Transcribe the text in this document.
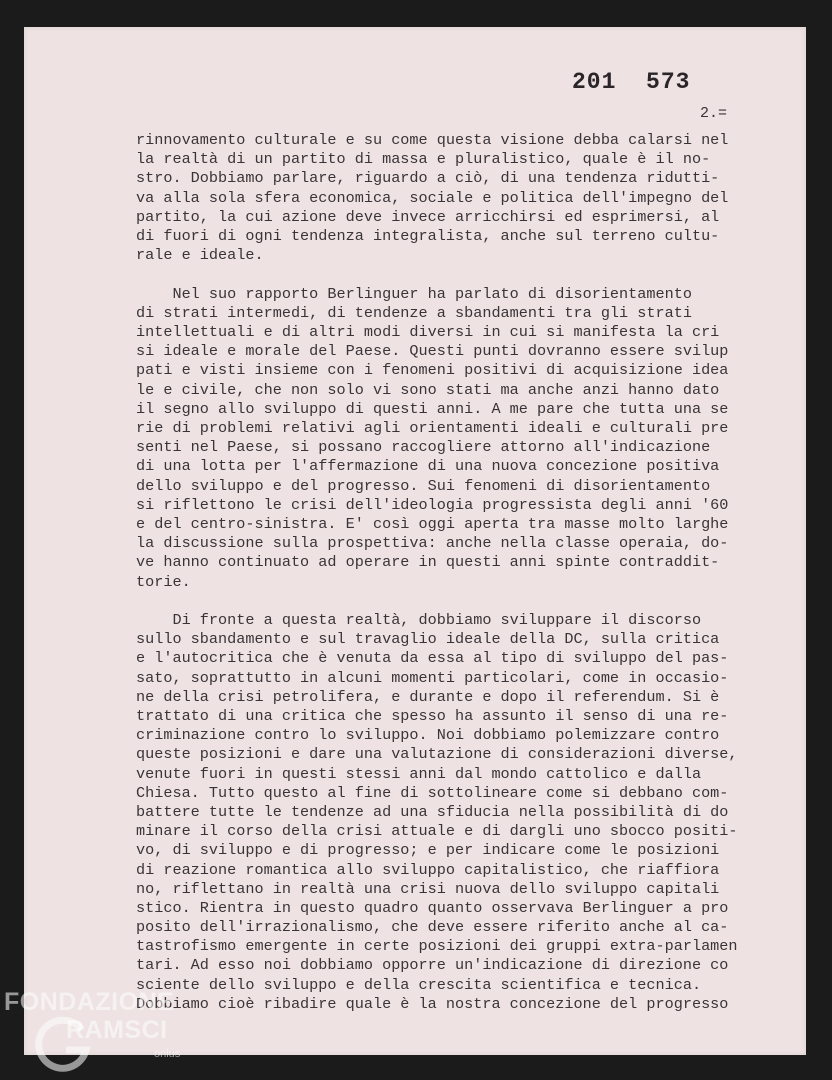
201  573
2.=
rinnovamento culturale e su come questa visione debba calarsi nel
la realtà di un partito di massa e pluralistico, quale è il no-
stro. Dobbiamo parlare, riguardo a ciò, di una tendenza ridutti-
va alla sola sfera economica, sociale e politica dell'impegno del
partito, la cui azione deve invece arricchirsi ed esprimersi, al
di fuori di ogni tendenza integralista, anche sul terreno cultu-
rale e ideale.
Nel suo rapporto Berlinguer ha parlato di disorientamento
di strati intermedi, di tendenze a sbandamenti tra gli strati
intellettuali e di altri modi diversi in cui si manifesta la cri
si ideale e morale del Paese. Questi punti dovranno essere svilup
pati e visti insieme con i fenomeni positivi di acquisizione idea
le e civile, che non solo vi sono stati ma anche anzi hanno dato
il segno allo sviluppo di questi anni. A me pare che tutta una se
rie di problemi relativi agli orientamenti ideali e culturali pre
senti nel Paese, si possano raccogliere attorno all'indicazione
di una lotta per l'affermazione di una nuova concezione positiva
dello sviluppo e del progresso. Sui fenomeni di disorientamento
si riflettono le crisi dell'ideologia progressista degli anni '60
e del centro-sinistra. E' così oggi aperta tra masse molto larghe
la discussione sulla prospettiva: anche nella classe operaia, do-
ve hanno continuato ad operare in questi anni spinte contraddit-
torie.
Di fronte a questa realtà, dobbiamo sviluppare il discorso
sullo sbandamento e sul travaglio ideale della DC, sulla critica
e l'autocritica che è venuta da essa al tipo di sviluppo del pas-
sato, soprattutto in alcuni momenti particolari, come in occasio-
ne della crisi petrolifera, e durante e dopo il referendum. Si è
trattato di una critica che spesso ha assunto il senso di una re-
criminazione contro lo sviluppo. Noi dobbiamo polemizzare contro
queste posizioni e dare una valutazione di considerazioni diverse,
venute fuori in questi stessi anni dal mondo cattolico e dalla
Chiesa. Tutto questo al fine di sottolineare come si debbano com-
battere tutte le tendenze ad una sfiducia nella possibilità di do
minare il corso della crisi attuale e di dargli uno sbocco positi-
vo, di sviluppo e di progresso; e per indicare come le posizioni
di reazione romantica allo sviluppo capitalistico, che riaffiora
no, riflettano in realtà una crisi nuova dello sviluppo capitali
stico. Rientra in questo quadro quanto osservava Berlinguer a pro
posito dell'irrazionalismo, che deve essere riferito anche al ca-
tastrofismo emergente in certe posizioni dei gruppi extra-parlamen
tari. Ad esso noi dobbiamo opporre un'indicazione di direzione co
sciente dello sviluppo e della crescita scientifica e tecnica.
Dobbiamo cioè ribadire quale è la nostra concezione del progresso
FONDAZIONE
RAMSCI
onlus
